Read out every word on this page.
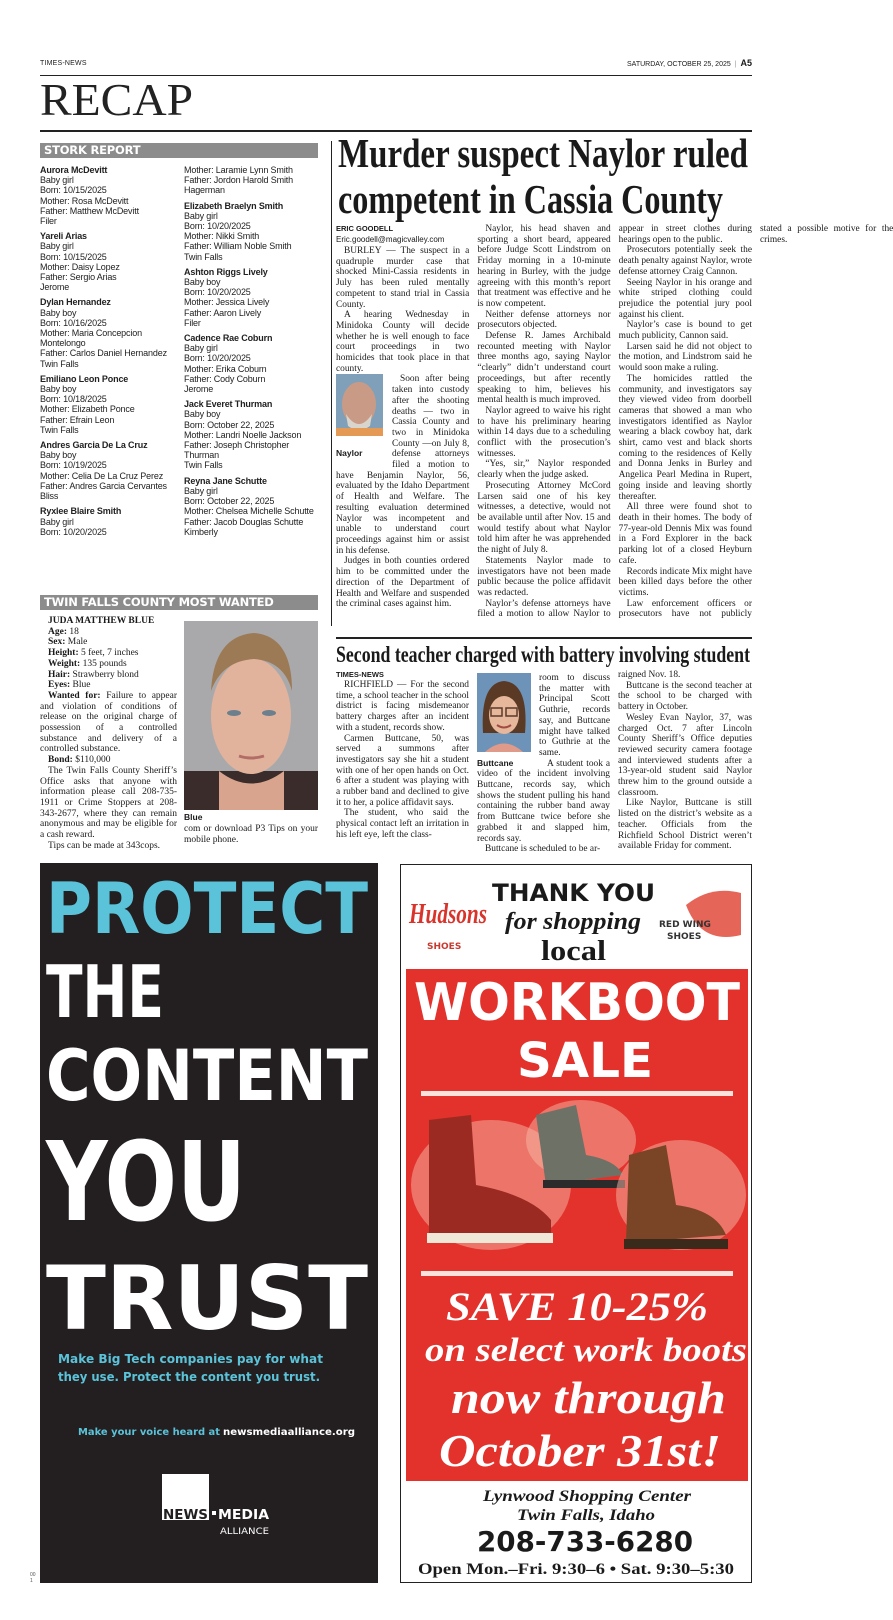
TIMES-NEWS	SATURDAY, OCTOBER 25, 2025 | A5
RECAP
STORK REPORT
Aurora McDevitt
Baby girl
Born: 10/15/2025
Mother: Rosa McDevitt
Father: Matthew McDevitt
Filer
Yareli Arias
Baby girl
Born: 10/15/2025
Mother: Daisy Lopez
Father: Sergio Arias
Jerome
Dylan Hernandez
Baby boy
Born: 10/16/2025
Mother: Maria Concepcion Montelongo
Father: Carlos Daniel Hernandez
Twin Falls
Emiliano Leon Ponce
Baby boy
Born: 10/18/2025
Mother: Elizabeth Ponce
Father: Efrain Leon
Twin Falls
Andres Garcia De La Cruz
Baby boy
Born: 10/19/2025
Mother: Celia De La Cruz Perez
Father: Andres Garcia Cervantes
Bliss
Ryxlee Blaire Smith
Baby girl
Born: 10/20/2025
Mother: Laramie Lynn Smith
Father: Jordon Harold Smith
Hagerman
Elizabeth Braelyn Smith
Baby girl
Born: 10/20/2025
Mother: Nikki Smith
Father: William Noble Smith
Twin Falls
Ashton Riggs Lively
Baby boy
Born: 10/20/2025
Mother: Jessica Lively
Father: Aaron Lively
Filer
Cadence Rae Coburn
Baby girl
Born: 10/20/2025
Mother: Erika Coburn
Father: Cody Coburn
Jerome
Jack Everet Thurman
Baby boy
Born: October 22, 2025
Mother: Landri Noelle Jackson
Father: Joseph Christopher Thurman
Twin Falls
Reyna Jane Schutte
Baby girl
Born: October 22, 2025
Mother: Chelsea Michelle Schutte
Father: Jacob Douglas Schutte
Kimberly
TWIN FALLS COUNTY MOST WANTED

JUDA MATTHEW BLUE

Age: 18

Sex: Male

Height: 5 feet, 7 inches

Weight: 135 pounds

Hair: Strawberry blond

Eyes: Blue

Wanted for: Failure to appear and violation of conditions of release on the original charge of possession of a controlled substance and delivery of a controlled substance.

Bond: $110,000

The Twin Falls County Sheriff’s Office asks that anyone with information please call 208-735-1911 or Crime Stoppers at 208-343-2677, where they can remain anonymous and may be eligible for a cash reward.

Tips can be made at 343cops.

Blue
com or download P3 Tips on your mobile phone.
Murder suspect Naylor ruled
competent in Cassia County
ERIC GOODELL
Eric.goodell@magicvalley.com

BURLEY — The suspect in a quadruple murder case that shocked Mini-Cassia residents in July has been ruled mentally competent to stand trial in Cassia County.

A hearing Wednesday in Minidoka County will decide whether he is well enough to face court proceedings in two homicides that took place in that county.

Naylor

Soon after being taken into custody after the shooting deaths — two in Cassia County and two in Minidoka County —on July 8, defense attorneys filed a motion to have Benjamin Naylor, 56, evaluated by the Idaho Department of Health and Welfare. The resulting evaluation determined Naylor was incompetent and unable to understand court proceedings against him or assist in his defense.

Judges in both counties ordered him to be committed under the direction of the Department of Health and Welfare and suspended the criminal cases against him.

Naylor, his head shaven and sporting a short beard, appeared before Judge Scott Lindstrom on Friday morning in a 10-minute hearing in Burley, with the judge agreeing with this month’s report that treatment was effective and he is now competent.

Neither defense attorneys nor prosecutors objected.

Defense R. James Archibald recounted meeting with Naylor three months ago, saying Naylor “clearly” didn’t understand court proceedings, but after recently speaking to him, believes his mental health is much improved.

Naylor agreed to waive his right to have his preliminary hearing within 14 days due to a scheduling conflict with the prosecution’s witnesses.

“Yes, sir,” Naylor responded clearly when the judge asked.

Prosecuting Attorney McCord Larsen said one of his key witnesses, a detective, would not be available until after Nov. 15 and would testify about what Naylor told him after he was apprehended the night of July 8.

Statements Naylor made to investigators have not been made public because the police affidavit was redacted.

Naylor’s defense attorneys have filed a motion to allow Naylor to appear in street clothes during hearings open to the public.

Prosecutors potentially seek the death penalty against Naylor, wrote defense attorney Craig Cannon.

Seeing Naylor in his orange and white striped clothing could prejudice the potential jury pool against his client.

Naylor’s case is bound to get much publicity, Cannon said.

Larsen said he did not object to the motion, and Lindstrom said he would soon make a ruling.

The homicides rattled the community, and investigators say they viewed video from doorbell cameras that showed a man who investigators identified as Naylor wearing a black cowboy hat, dark shirt, camo vest and black shorts coming to the residences of Kelly and Donna Jenks in Burley and Angelica Pearl Medina in Rupert, going inside and leaving shortly thereafter.

All three were found shot to death in their homes. The body of 77-year-old Dennis Mix was found in a Ford Explorer in the back parking lot of a closed Heyburn cafe.

Records indicate Mix might have been killed days before the other victims.

Law enforcement officers or prosecutors have not publicly stated a possible motive for the crimes.

Second teacher charged with battery involving student
TIMES-NEWS

RICHFIELD — For the second time, a school teacher in the school district is facing misdemeanor battery charges after an incident with a student, records show.

Carmen Buttcane, 50, was served a summons after investigators say she hit a student with one of her open hands on Oct. 6 after a student was playing with a rubber band and declined to give it to her, a police affidavit says.

The student, who said the physical contact left an irritation in his left eye, left the class-

Buttcane

room to discuss the matter with Principal Scott Guthrie, records say, and Buttcane might have talked to Guthrie at the same.

A student took a video of the incident involving Buttcane, records say, which shows the student pulling his hand containing the rubber band away from Buttcane twice before she grabbed it and slapped him, records say.

Buttcane is scheduled to be ar-

raigned Nov. 18.

Buttcane is the second teacher at the school to be charged with battery in October.

Wesley Evan Naylor, 37, was charged Oct. 7 after Lincoln County Sheriff’s Office deputies reviewed security camera footage and interviewed students after a 13-year-old student said Naylor threw him to the ground outside a classroom.

Like Naylor, Buttcane is still listed on the district’s website as a teacher. Officials from the Richfield School District weren’t available Friday for comment.

PROTECT
THE
CONTENT
YOU
TRUST
Make Big Tech companies pay for what
they use. Protect the content you trust.
Make your voice heard at newsmediaalliance.org
NEWS MEDIA
ALLIANCE
00 1
Hudsons
SHOES
THANK YOU
for shopping
local
RED WING
SHOES
WORKBOOT
SALE
SAVE 10-25%
on select work boots
now through
October 31st!
Lynwood Shopping Center
Twin Falls, Idaho
208-733-6280
Open Mon.–Fri. 9:30–6 • Sat. 9:30–5:30
